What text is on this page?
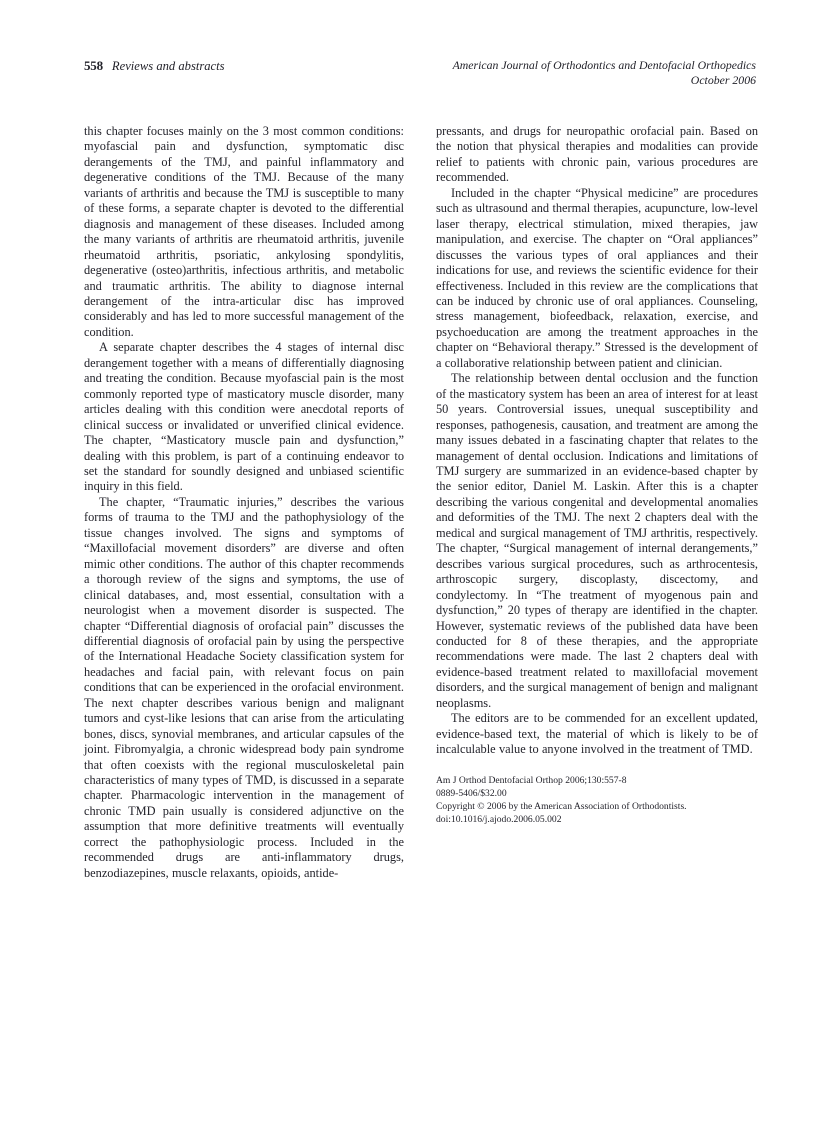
558 Reviews and abstracts	American Journal of Orthodontics and Dentofacial Orthopedics
October 2006

this chapter focuses mainly on the 3 most common conditions: myofascial pain and dysfunction, symptomatic disc derangements of the TMJ, and painful inflammatory and degenerative conditions of the TMJ. Because of the many variants of arthritis and because the TMJ is susceptible to many of these forms, a separate chapter is devoted to the differential diagnosis and management of these diseases. Included among the many variants of arthritis are rheumatoid arthritis, juvenile rheumatoid arthritis, psoriatic, ankylosing spondylitis, degenerative (osteo)arthritis, infectious arthritis, and metabolic and traumatic arthritis. The ability to diagnose internal derangement of the intra-articular disc has improved considerably and has led to more successful management of the condition.

A separate chapter describes the 4 stages of internal disc derangement together with a means of differentially diagnosing and treating the condition. Because myofascial pain is the most commonly reported type of masticatory muscle disorder, many articles dealing with this condition were anecdotal reports of clinical success or invalidated or unverified clinical evidence. The chapter, “Masticatory muscle pain and dysfunction,” dealing with this problem, is part of a continuing endeavor to set the standard for soundly designed and unbiased scientific inquiry in this field.

The chapter, “Traumatic injuries,” describes the various forms of trauma to the TMJ and the pathophysiology of the tissue changes involved. The signs and symptoms of “Maxillofacial movement disorders” are diverse and often mimic other conditions. The author of this chapter recommends a thorough review of the signs and symptoms, the use of clinical databases, and, most essential, consultation with a neurologist when a movement disorder is suspected. The chapter “Differential diagnosis of orofacial pain” discusses the differential diagnosis of orofacial pain by using the perspective of the International Headache Society classification system for headaches and facial pain, with relevant focus on pain conditions that can be experienced in the orofacial environment. The next chapter describes various benign and malignant tumors and cyst-like lesions that can arise from the articulating bones, discs, synovial membranes, and articular capsules of the joint. Fibromyalgia, a chronic widespread body pain syndrome that often coexists with the regional musculoskeletal pain characteristics of many types of TMD, is discussed in a separate chapter. Pharmacologic intervention in the management of chronic TMD pain usually is considered adjunctive on the assumption that more definitive treatments will eventually correct the pathophysiologic process. Included in the recommended drugs are anti-inflammatory drugs, benzodiazepines, muscle relaxants, opioids, antide-

pressants, and drugs for neuropathic orofacial pain. Based on the notion that physical therapies and modalities can provide relief to patients with chronic pain, various procedures are recommended.

Included in the chapter “Physical medicine” are procedures such as ultrasound and thermal therapies, acupuncture, low-level laser therapy, electrical stimulation, mixed therapies, jaw manipulation, and exercise. The chapter on “Oral appliances” discusses the various types of oral appliances and their indications for use, and reviews the scientific evidence for their effectiveness. Included in this review are the complications that can be induced by chronic use of oral appliances. Counseling, stress management, biofeedback, relaxation, exercise, and psychoeducation are among the treatment approaches in the chapter on “Behavioral therapy.” Stressed is the development of a collaborative relationship between patient and clinician.

The relationship between dental occlusion and the function of the masticatory system has been an area of interest for at least 50 years. Controversial issues, unequal susceptibility and responses, pathogenesis, causation, and treatment are among the many issues debated in a fascinating chapter that relates to the management of dental occlusion. Indications and limitations of TMJ surgery are summarized in an evidence-based chapter by the senior editor, Daniel M. Laskin. After this is a chapter describing the various congenital and developmental anomalies and deformities of the TMJ. The next 2 chapters deal with the medical and surgical management of TMJ arthritis, respectively. The chapter, “Surgical management of internal derangements,” describes various surgical procedures, such as arthrocentesis, arthroscopic surgery, discoplasty, discectomy, and condylectomy. In “The treatment of myogenous pain and dysfunction,” 20 types of therapy are identified in the chapter. However, systematic reviews of the published data have been conducted for 8 of these therapies, and the appropriate recommendations were made. The last 2 chapters deal with evidence-based treatment related to maxillofacial movement disorders, and the surgical management of benign and malignant neoplasms.

The editors are to be commended for an excellent updated, evidence-based text, the material of which is likely to be of incalculable value to anyone involved in the treatment of TMD.

Am J Orthod Dentofacial Orthop 2006;130:557-8
0889-5406/$32.00
Copyright © 2006 by the American Association of Orthodontists.
doi:10.1016/j.ajodo.2006.05.002
